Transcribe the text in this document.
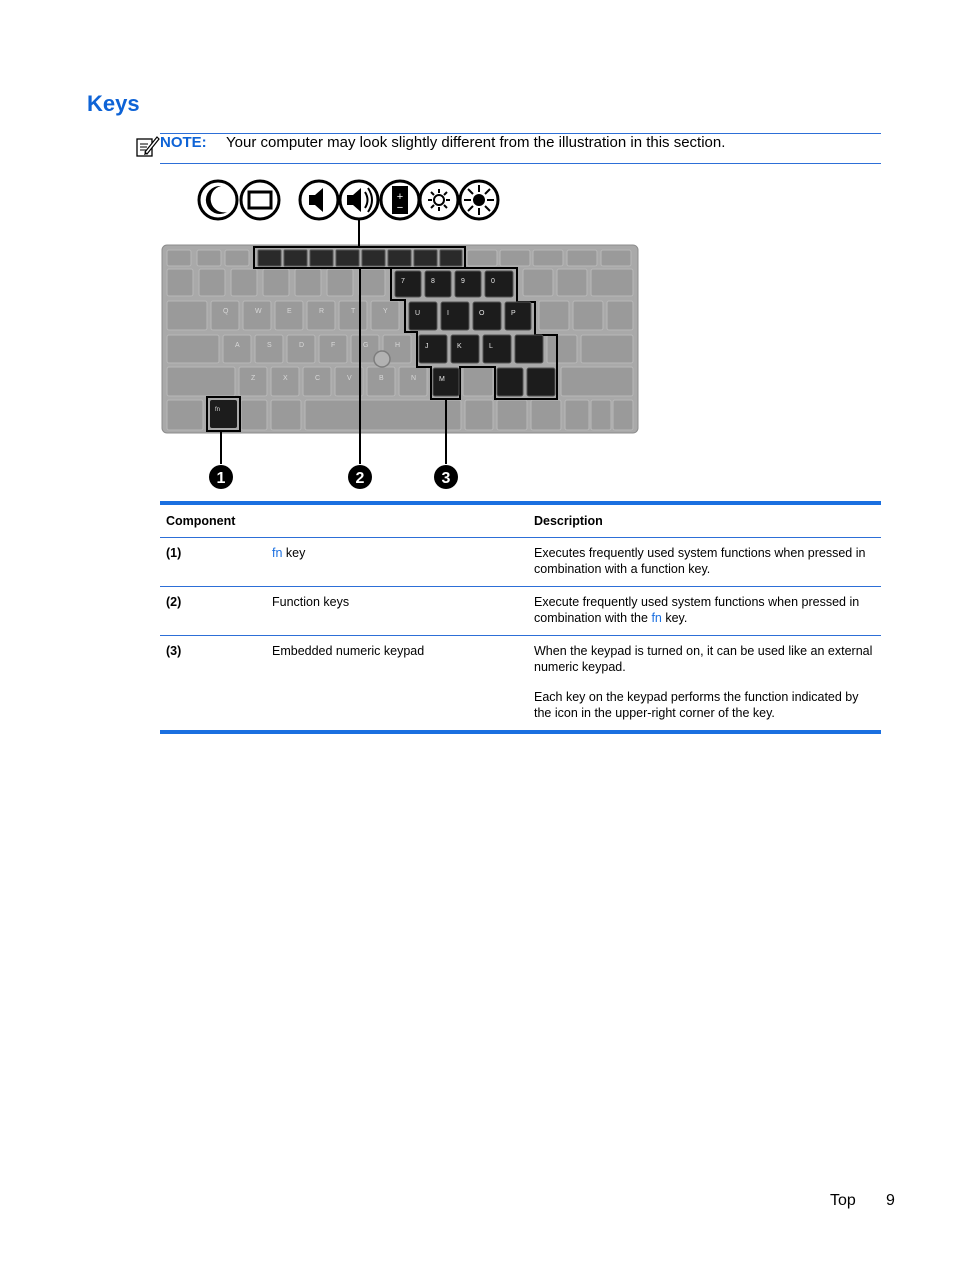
Keys
NOTE: Your computer may look slightly different from the illustration in this section.
+
−
7	8	9	0
U	I	O	P
J	K	L
M
Q	W	E	R	T	Y
A	S	D	F	G	H
Z	X	C	V	B	N
fn
1	2	3
Component		Description
(1)	fn key	Executes frequently used system functions when pressed in combination with a function key.
(2)	Function keys	Execute frequently used system functions when pressed in combination with the fn key.
(3)	Embedded numeric keypad	When the keypad is turned on, it can be used like an external numeric keypad.
Each key on the keypad performs the function indicated by the icon in the upper-right corner of the key.
Top 9
